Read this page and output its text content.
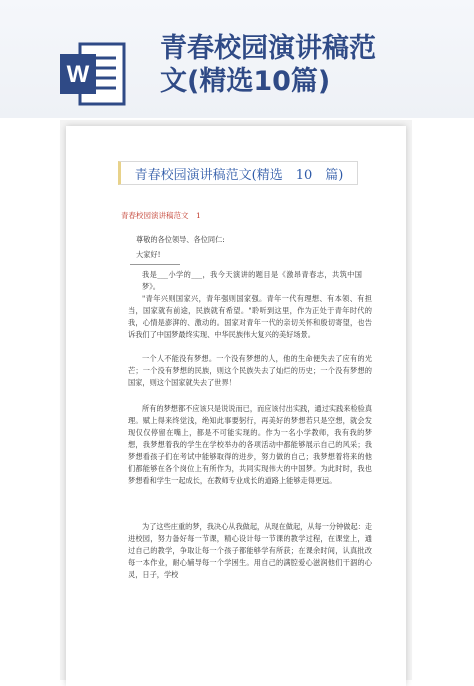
W
青春校园演讲稿范
文(精选10篇)
青春校园演讲稿范文(精选　10　篇)
青春校园演讲稿范文　1
尊敬的各位领导、各位同仁:
大家好!
我是___小学的___，我今天演讲的题目是《激昂青春志，共筑中国梦》。
"青年兴则国家兴，青年强则国家强。青年一代有理想、有本领、有担当，国家就有前途，民族就有希望。"聆听到这里，作为正处于青年时代的我，心情是澎湃的、激动的。国家对青年一代的亲切关怀和殷切寄望，也告诉我们了中国梦最终实现、中华民族伟大复兴的美好场景。
一个人不能没有梦想。一个没有梦想的人，他的生命便失去了应有的光芒；一个没有梦想的民族，则这个民族失去了灿烂的历史；一个没有梦想的国家，则这个国家就失去了世界！
所有的梦想都不应该只是说说而已，而应该付出实践，通过实践来检验真理。赋上得来终觉浅，绝知此事要躬行，再美好的梦想若只是空想，就会发现仅仅停留在嘴上，都是不可能实现的。作为一名小学教师，我有我的梦想，我梦想着我的学生在学校举办的各项活动中都能够展示自己的风采；我梦想看孩子们在考试中能够取得的进步，努力做的自己；我梦想着将来的他们都能够在各个岗位上有所作为，共同实现伟大的中国梦。为此时时，我也梦想看和学生一起成长，在教师专业成长的道路上能够走得更远。
为了这些庄重的梦，我决心从我做起，从现在做起，从每一分钟做起：走进校园，努力备好每一节课，精心设计每一节课的教学过程，在课堂上，通过自己的教学，争取让每一个孩子都能够学有所获；在课余时间，认真批改每一本作业，耐心辅导每一个学困生。用自己的满腔爱心滋润他们干涸的心灵，日子，学校
